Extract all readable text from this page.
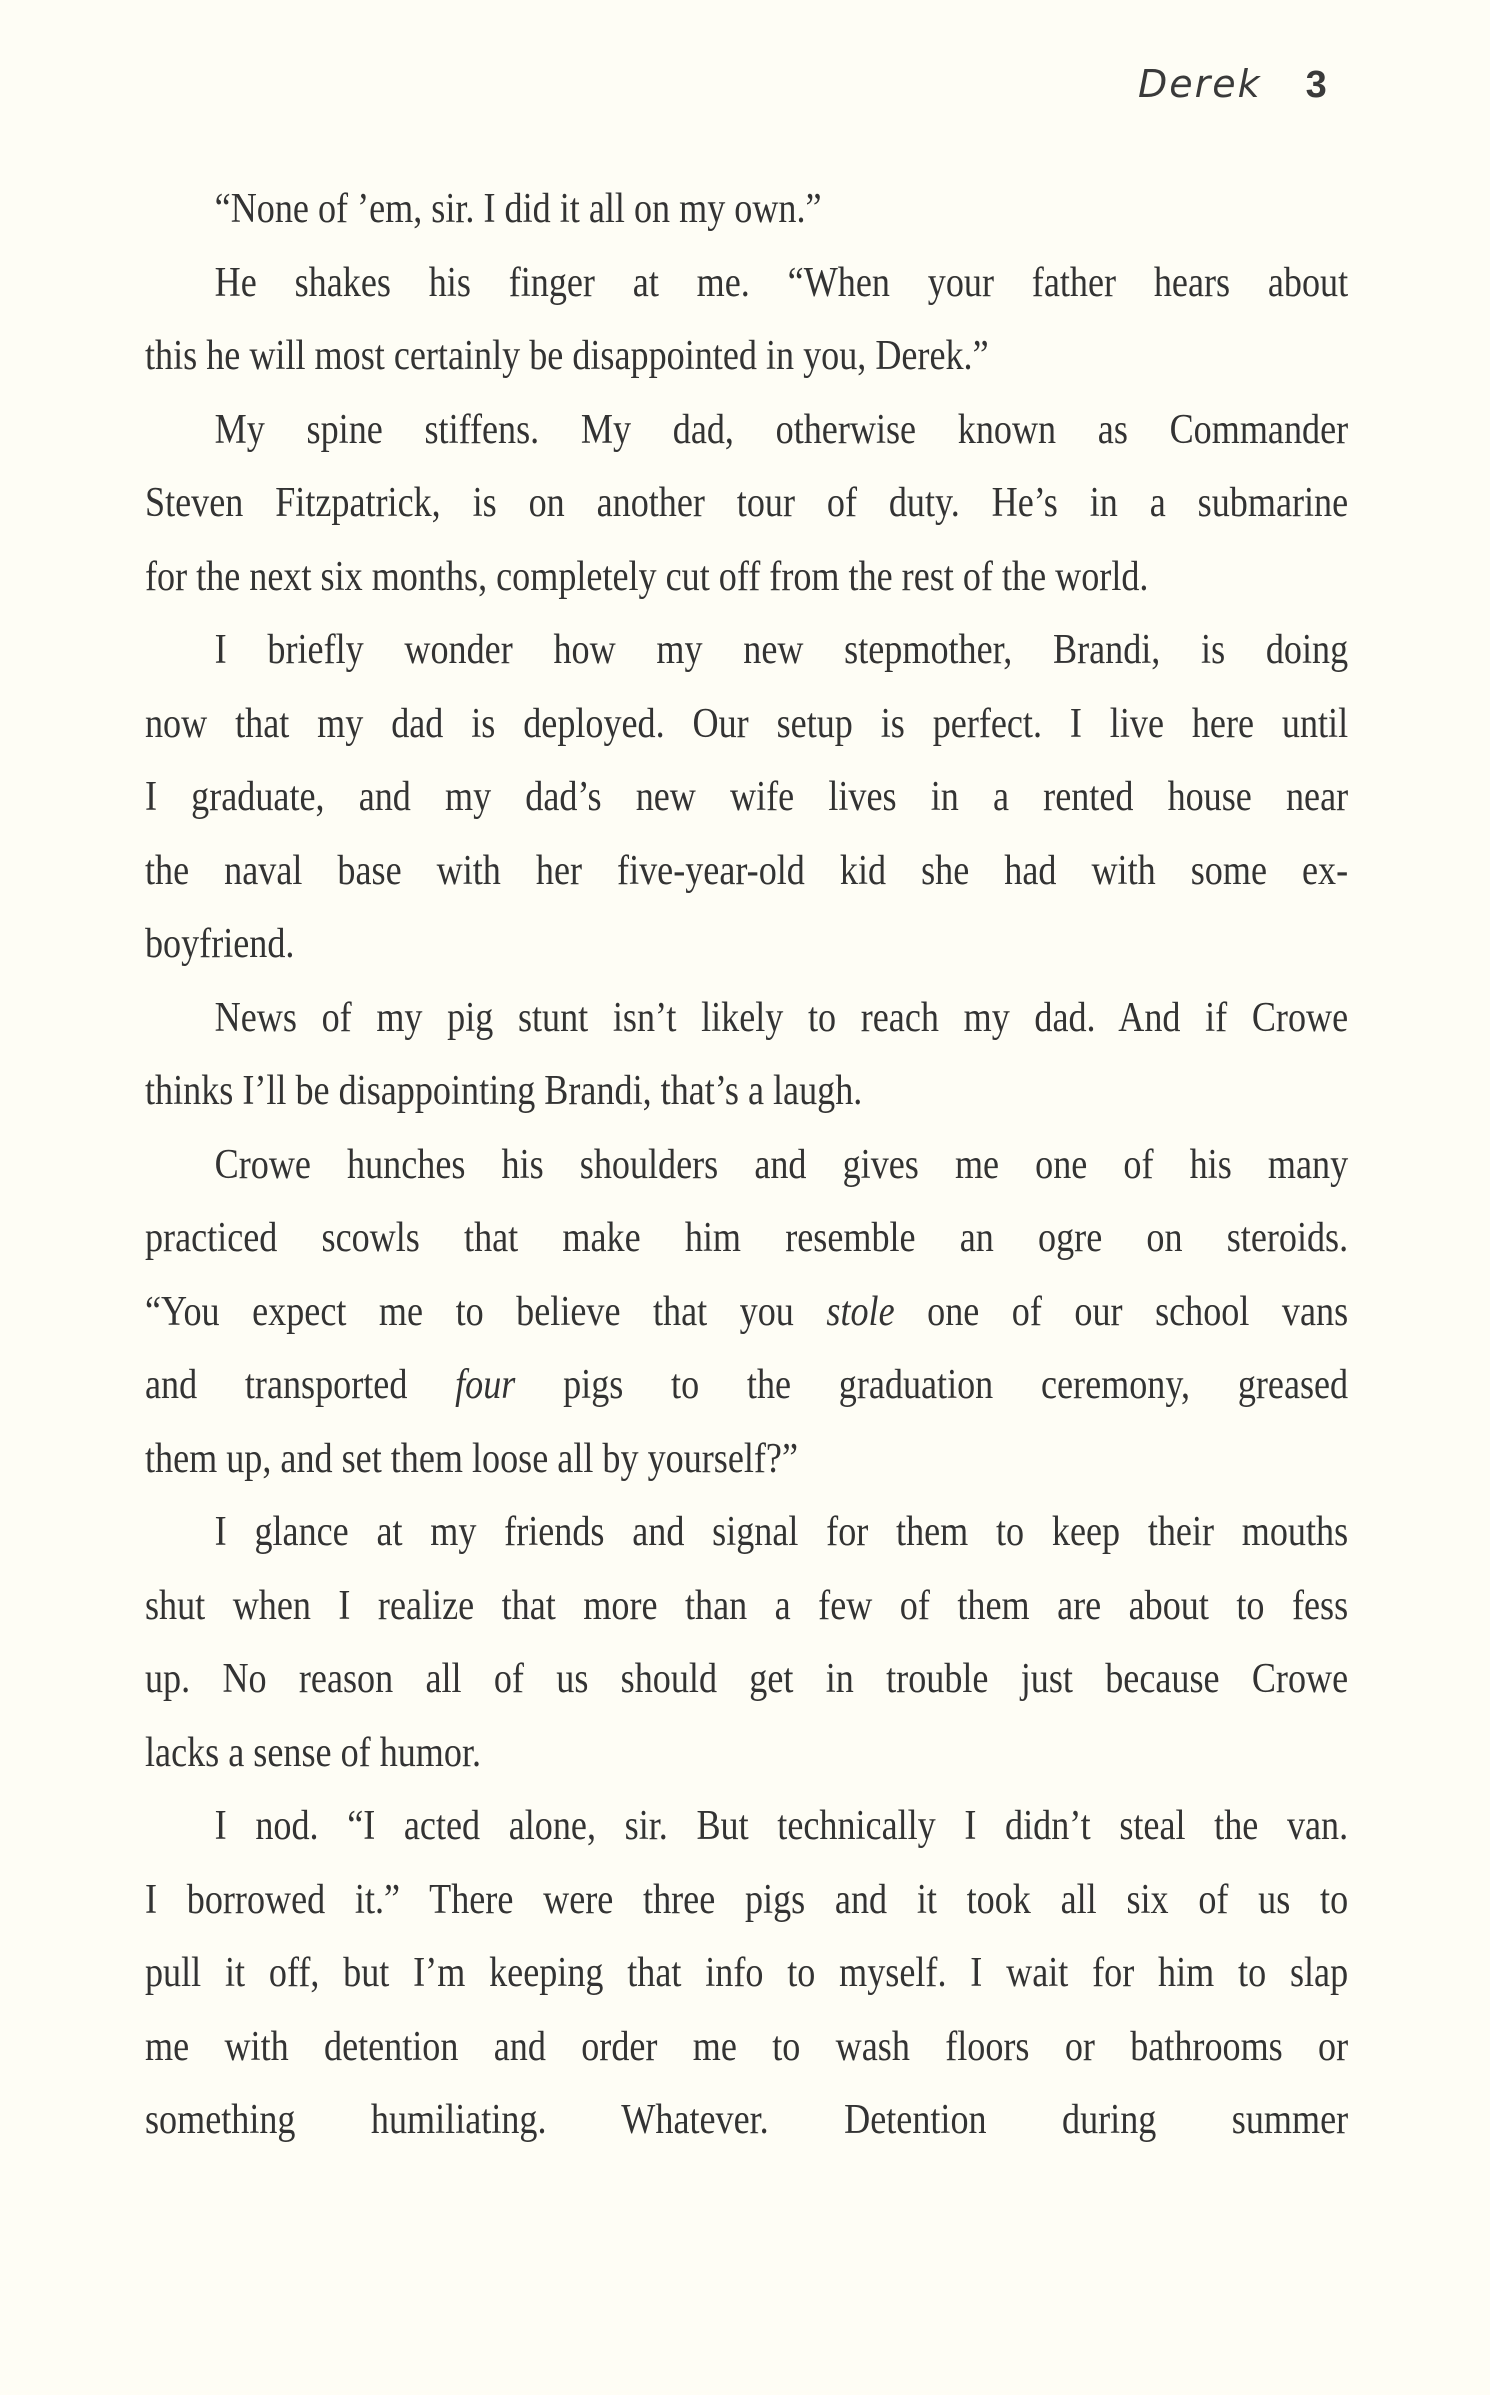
Derek 3
“None of ’em, sir. I did it all on my own.”
He shakes his finger at me. “When your father hears about
this he will most certainly be disappointed in you, Derek.”
My spine stiffens. My dad, otherwise known as Commander
Steven Fitzpatrick, is on another tour of duty. He’s in a submarine
for the next six months, completely cut off from the rest of the world.
I briefly wonder how my new stepmother, Brandi, is doing
now that my dad is deployed. Our setup is perfect. I live here until
I graduate, and my dad’s new wife lives in a rented house near
the naval base with her five-year-old kid she had with some ex-
boyfriend.
News of my pig stunt isn’t likely to reach my dad. And if Crowe
thinks I’ll be disappointing Brandi, that’s a laugh.
Crowe hunches his shoulders and gives me one of his many
practiced scowls that make him resemble an ogre on steroids.
“You expect me to believe that you stole one of our school vans
and transported four pigs to the graduation ceremony, greased
them up, and set them loose all by yourself?”
I glance at my friends and signal for them to keep their mouths
shut when I realize that more than a few of them are about to fess
up. No reason all of us should get in trouble just because Crowe
lacks a sense of humor.
I nod. “I acted alone, sir. But technically I didn’t steal the van.
I borrowed it.” There were three pigs and it took all six of us to
pull it off, but I’m keeping that info to myself. I wait for him to slap
me with detention and order me to wash floors or bathrooms or
something humiliating. Whatever. Detention during summer
